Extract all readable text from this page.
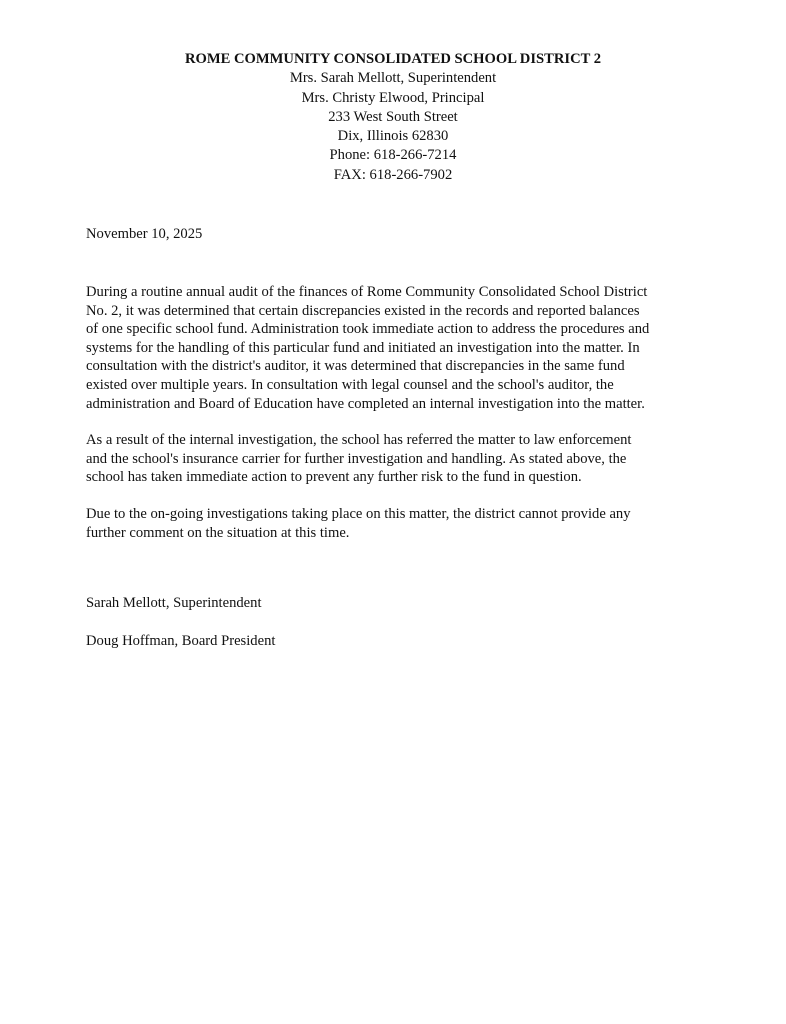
ROME COMMUNITY CONSOLIDATED SCHOOL DISTRICT 2
Mrs. Sarah Mellott, Superintendent
Mrs. Christy Elwood, Principal
233 West South Street
Dix, Illinois 62830
Phone: 618-266-7214
FAX: 618-266-7902
November 10, 2025

During a routine annual audit of the finances of Rome Community Consolidated School District
No. 2, it was determined that certain discrepancies existed in the records and reported balances
of one specific school fund. Administration took immediate action to address the procedures and
systems for the handling of this particular fund and initiated an investigation into the matter. In
consultation with the district's auditor, it was determined that discrepancies in the same fund
existed over multiple years. In consultation with legal counsel and the school's auditor, the
administration and Board of Education have completed an internal investigation into the matter.

As a result of the internal investigation, the school has referred the matter to law enforcement
and the school's insurance carrier for further investigation and handling. As stated above, the
school has taken immediate action to prevent any further risk to the fund in question.

Due to the on-going investigations taking place on this matter, the district cannot provide any
further comment on the situation at this time.

Sarah Mellott, Superintendent
Doug Hoffman, Board President
